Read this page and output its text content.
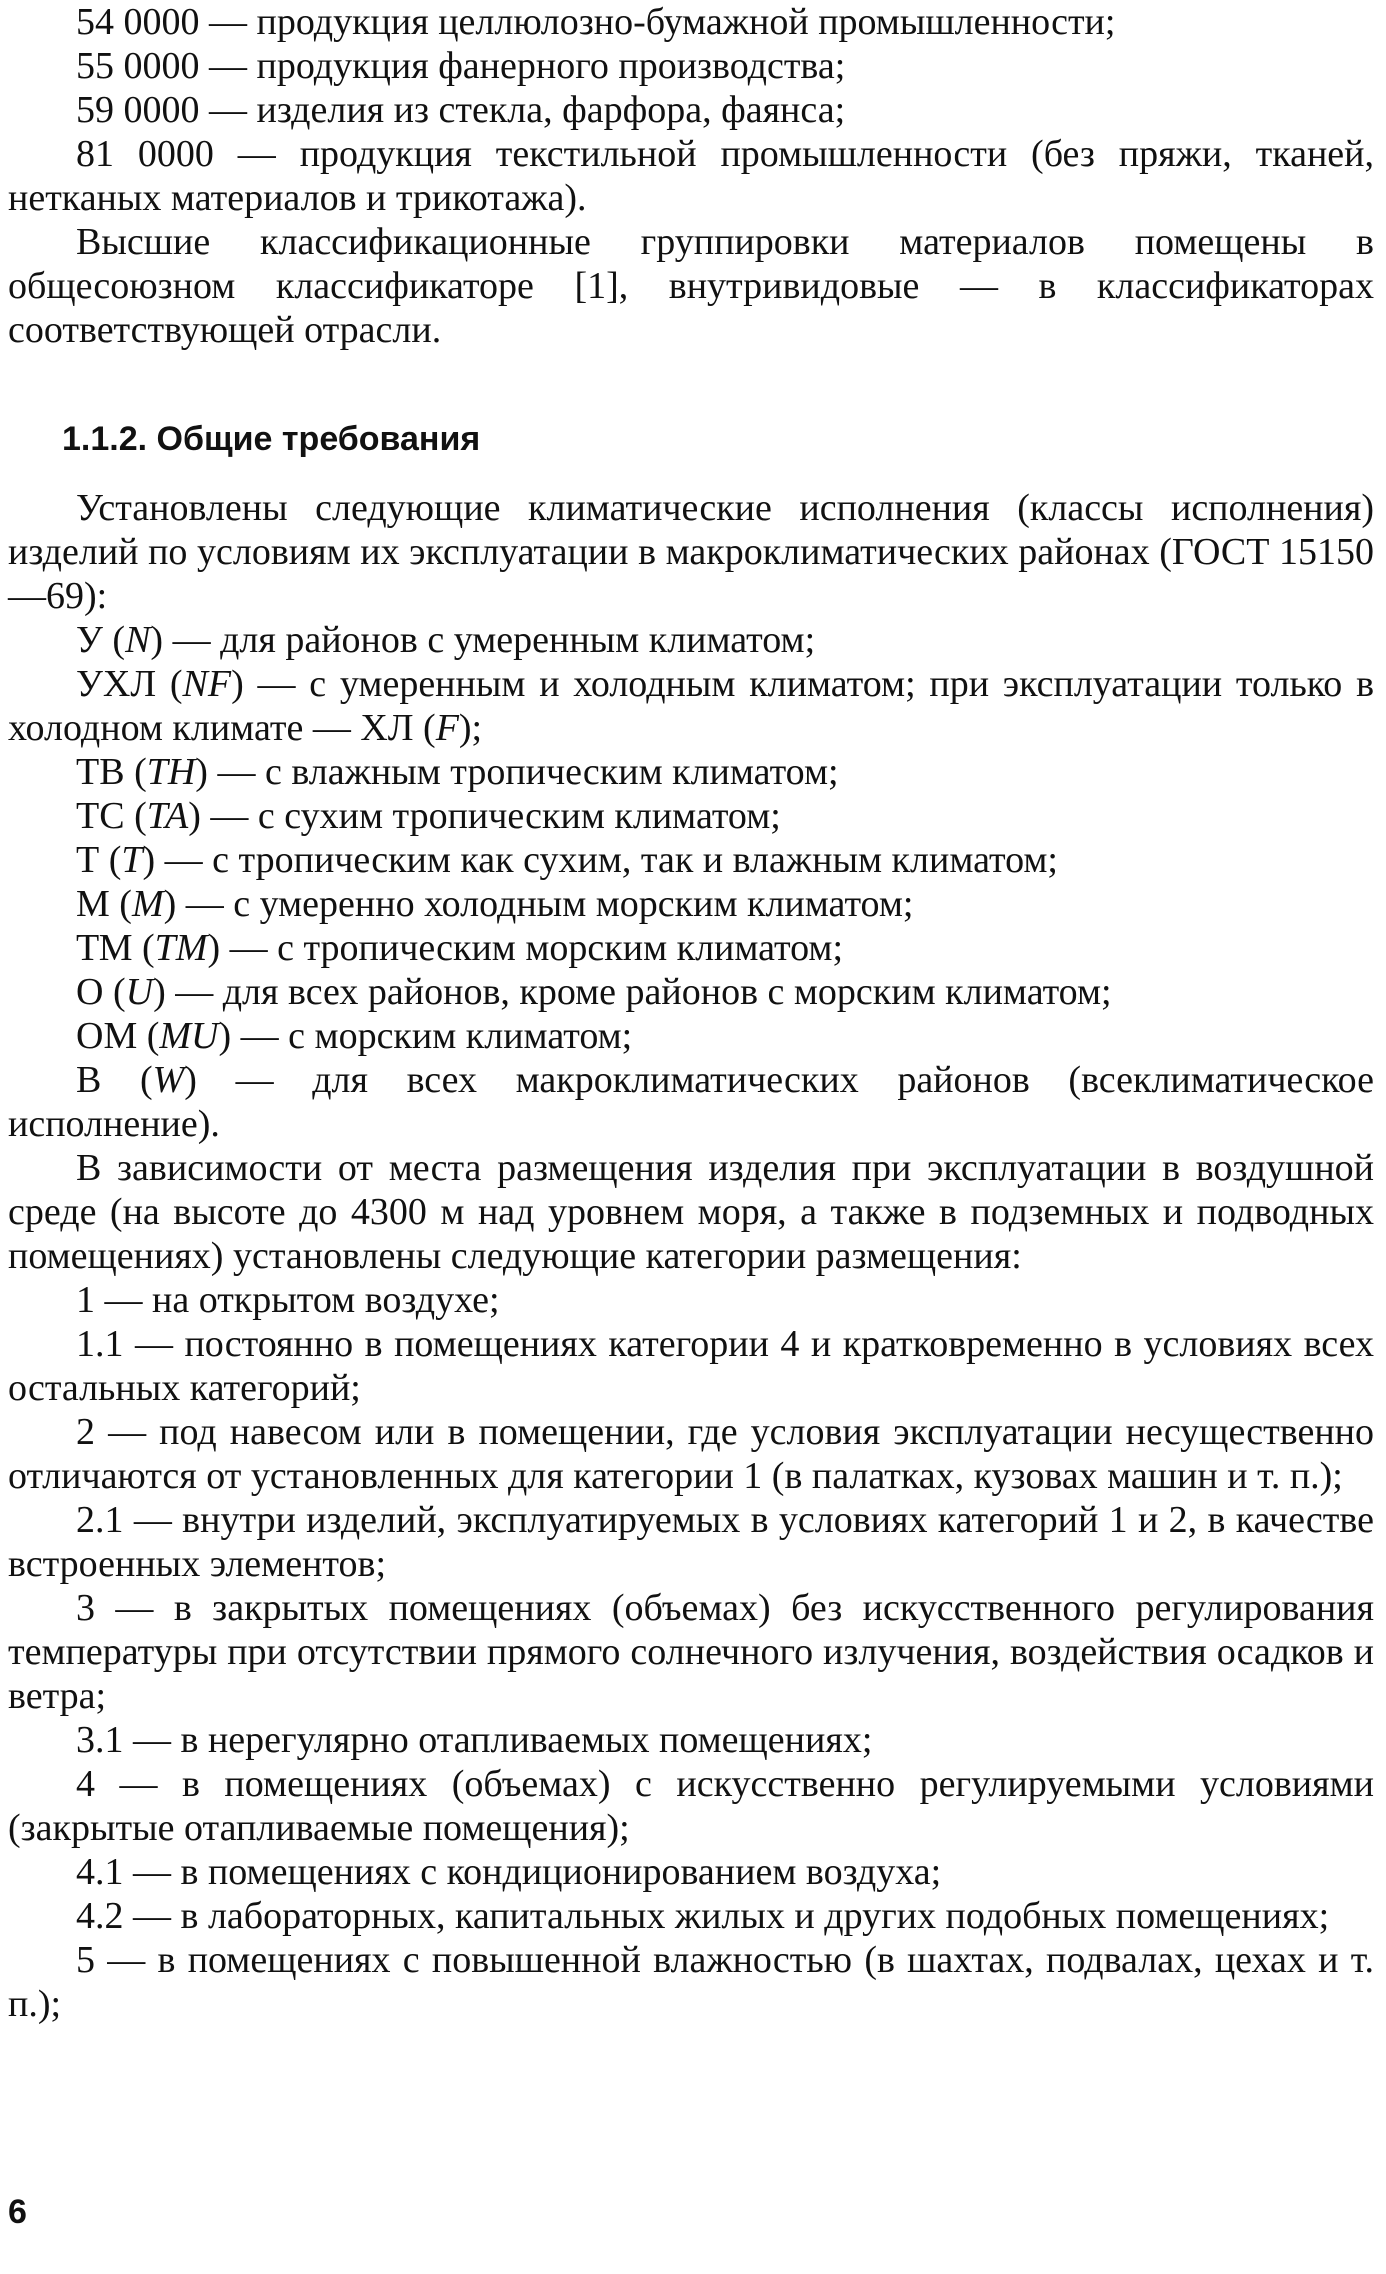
54 0000 — продукция целлюлозно-бумажной промышленности;

55 0000 — продукция фанерного производства;

59 0000 — изделия из стекла, фарфора, фаянса;

81 0000 — продукция текстильной промышленности (без пряжи, тканей, нетканых материалов и трикотажа).

Высшие классификационные группировки материалов помещены в общесоюзном классификаторе [1], внутривидовые — в классификаторах соответствующей отрасли.

1.1.2. Общие требования

Установлены следующие климатические исполнения (классы исполнения) изделий по условиям их эксплуатации в макроклиматических районах (ГОСТ 15150—69):

У (N) — для районов с умеренным климатом;

УХЛ (NF) — с умеренным и холодным климатом; при эксплуатации только в холодном климате — ХЛ (F);

ТВ (TH) — с влажным тропическим климатом;

ТС (TA) — с сухим тропическим климатом;

Т (T) — с тропическим как сухим, так и влажным климатом;

М (M) — с умеренно холодным морским климатом;

ТМ (TM) — с тропическим морским климатом;

О (U) — для всех районов, кроме районов с морским климатом;

ОМ (MU) — с морским климатом;

В (W) — для всех макроклиматических районов (всеклиматическое исполнение).

В зависимости от места размещения изделия при эксплуатации в воздушной среде (на высоте до 4300 м над уровнем моря, а также в подземных и подводных помещениях) установлены следующие категории размещения:

1 — на открытом воздухе;

1.1 — постоянно в помещениях категории 4 и кратковременно в условиях всех остальных категорий;

2 — под навесом или в помещении, где условия эксплуатации несущественно отличаются от установленных для категории 1 (в палатках, кузовах машин и т. п.);

2.1 — внутри изделий, эксплуатируемых в условиях категорий 1 и 2, в качестве встроенных элементов;

3 — в закрытых помещениях (объемах) без искусственного регулирования температуры при отсутствии прямого солнечного излучения, воздействия осадков и ветра;

3.1 — в нерегулярно отапливаемых помещениях;

4 — в помещениях (объемах) с искусственно регулируемыми условиями (закрытые отапливаемые помещения);

4.1 — в помещениях с кондиционированием воздуха;

4.2 — в лабораторных, капитальных жилых и других подобных помещениях;

5 — в помещениях с повышенной влажностью (в шахтах, подвалах, цехах и т. п.);

6
